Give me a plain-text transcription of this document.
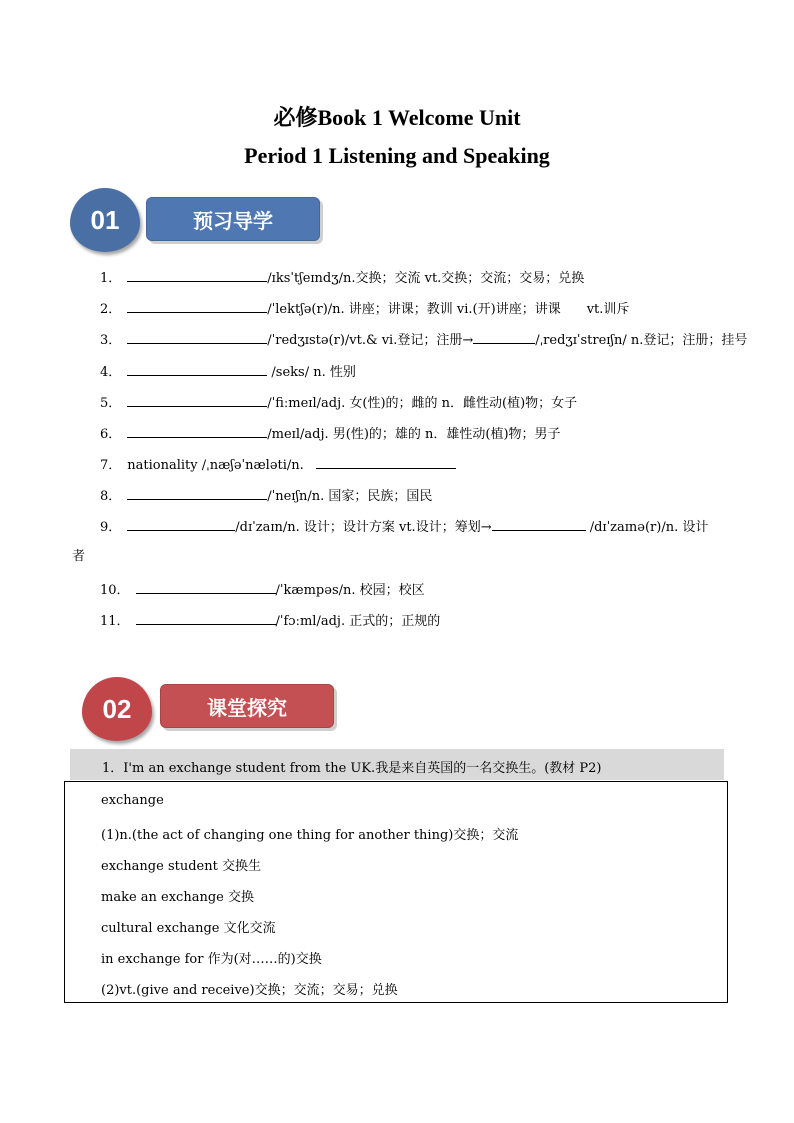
必修Book 1 Welcome Unit
Period 1 Listening and Speaking
预习导学
01
1．	/ɪksˈtʃeɪndʒ/n.交换；交流 vt.交换；交流；交易；兑换
2．	/ˈlektʃə(r)/n. 讲座；讲课；教训 vi.(开)讲座；讲课　　vt.训斥
3．	/ˈredʒɪstə(r)/vt.& vi.登记；注册→	/ˌredʒɪˈstreɪʃn/ n.登记；注册；挂号
4．	/seks/ n. 性别
5．	/ˈfiːmeɪl/adj. 女(性)的；雌的 n．雌性动(植)物；女子
6．	/meɪl/adj. 男(性)的；雄的 n．雄性动(植)物；男子
7． nationality /ˌnæʃəˈnæləti/n.
8．	/ˈneɪʃn/n. 国家；民族；国民
9．	/dɪˈzaɪn/n. 设计；设计方案 vt.设计；筹划→	/dɪˈzaɪnə(r)/n. 设计
者
10．	/ˈkæmpəs/n. 校园；校区
11．	/ˈfɔːml/adj. 正式的；正规的
课堂探究
02
1．I'm an exchange student from the UK.我是来自英国的一名交换生。(教材 P2)
exchange
(1)n.(the act of changing one thing for another thing)交换；交流
exchange student 交换生
make an exchange 交换
cultural exchange 文化交流
in exchange for 作为(对……的)交换
(2)vt.(give and receive)交换；交流；交易；兑换
